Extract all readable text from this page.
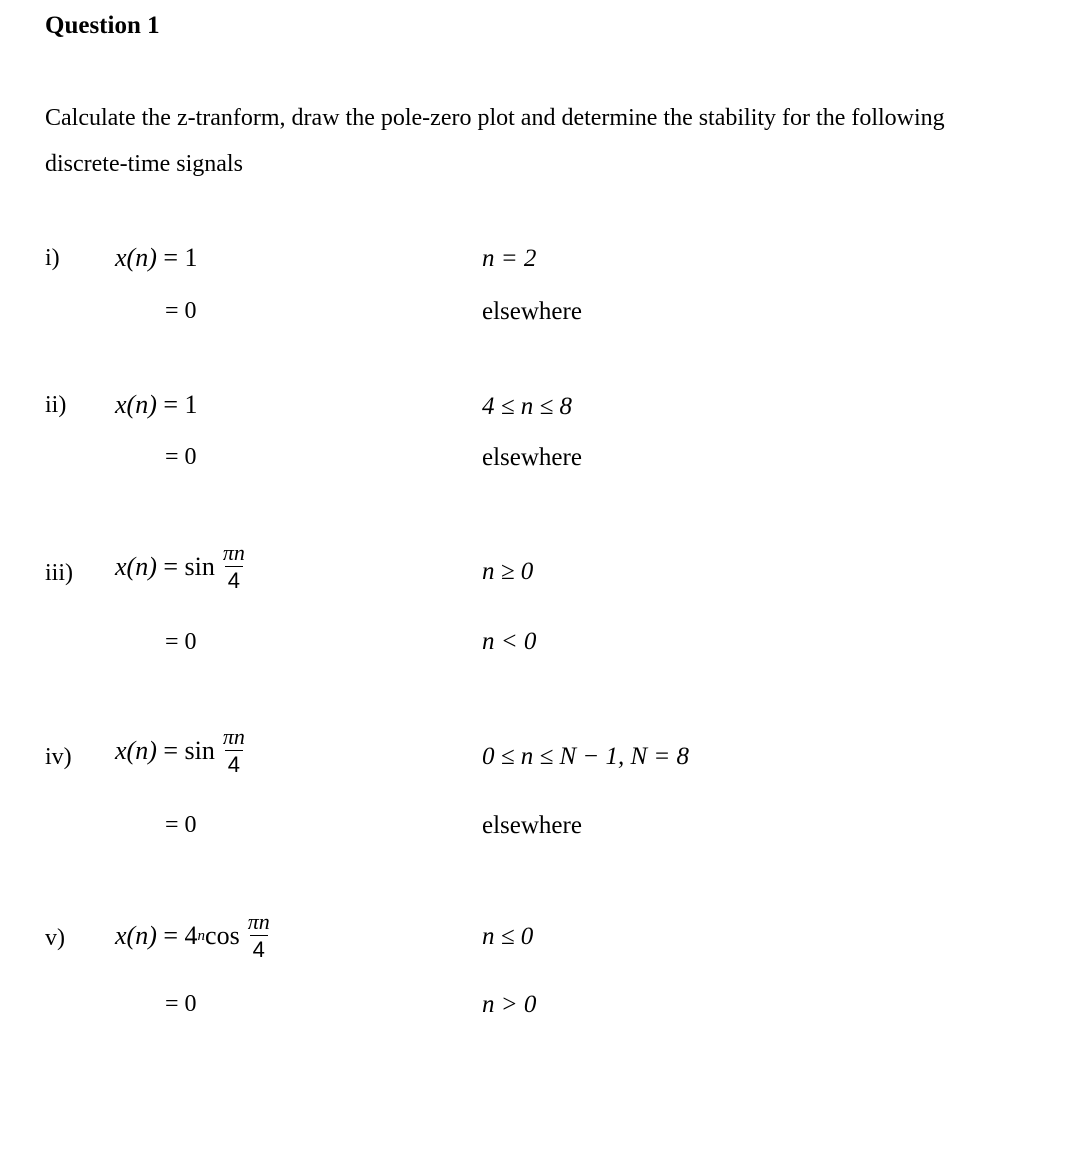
Question 1
Calculate the z-tranform, draw the pole-zero plot and determine the stability for the following
discrete-time signals
i) x(n)
= 1	n = 2
= 0	elsewhere
ii) x(n)
= 1	4 ≤ n ≤ 8
= 0	elsewhere
iii) x(n)
= $\sin \frac{\pi n}{4}$	n ≥ 0
= 0	n < 0
iv) x(n)
= $\sin \frac{\pi n}{4}$	0 ≤ n ≤ N − 1, N = 8
= 0	elsewhere
v) x(n)
= 4 n $\cos \frac{\pi n}{4}$	n ≤ 0
= 0	n > 0
